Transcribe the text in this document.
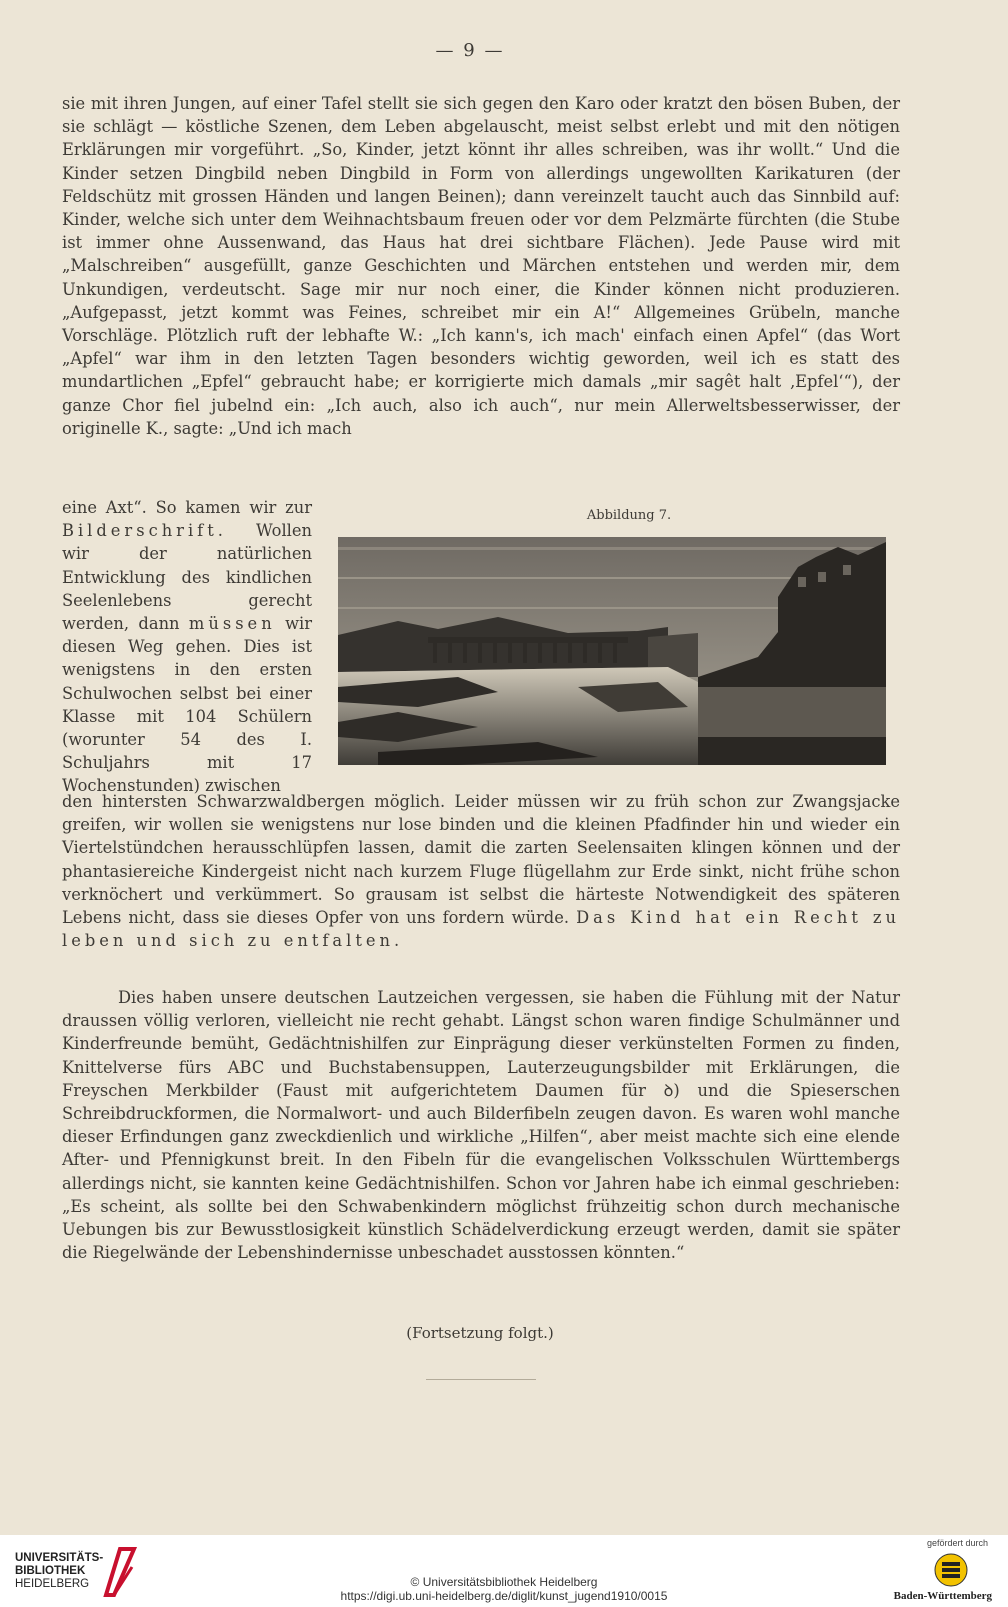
— 9 —

sie mit ihren Jungen, auf einer Tafel stellt sie sich gegen den Karo oder kratzt den bösen Buben, der sie schlägt — köstliche Szenen, dem Leben abgelauscht, meist selbst erlebt und mit den nötigen Erklärungen mir vorgeführt. „So, Kinder, jetzt könnt ihr alles schreiben, was ihr wollt.“ Und die Kinder setzen Dingbild neben Dingbild in Form von allerdings ungewollten Karikaturen (der Feldschütz mit grossen Händen und langen Beinen); dann vereinzelt taucht auch das Sinnbild auf: Kinder, welche sich unter dem Weihnachtsbaum freuen oder vor dem Pelzmärte fürchten (die Stube ist immer ohne Aussenwand, das Haus hat drei sichtbare Flächen). Jede Pause wird mit „Malschreiben“ ausgefüllt, ganze Geschichten und Märchen entstehen und werden mir, dem Unkundigen, verdeutscht. Sage mir nur noch einer, die Kinder können nicht produzieren. „Aufgepasst, jetzt kommt was Feines, schreibet mir ein A!“ Allgemeines Grübeln, manche Vorschläge. Plötzlich ruft der lebhafte W.: „Ich kann's, ich mach' einfach einen Apfel“ (das Wort „Apfel“ war ihm in den letzten Tagen besonders wichtig geworden, weil ich es statt des mundartlichen „Epfel“ gebraucht habe; er korrigierte mich damals „mir sagêt halt ‚Epfel‘“), der ganze Chor fiel jubelnd ein: „Ich auch, also ich auch“, nur mein Allerweltsbesserwisser, der originelle K., sagte: „Und ich mach

eine Axt“. So kamen wir zur Bilderschrift. Wollen wir der natürlichen Entwicklung des kindlichen Seelenlebens gerecht werden, dann müssen wir diesen Weg gehen. Dies ist wenigstens in den ersten Schulwochen selbst bei einer Klasse mit 104 Schülern (worunter 54 des I. Schuljahrs mit 17 Wochenstunden) zwischen

Abbildung 7.

den hintersten Schwarzwaldbergen möglich. Leider müssen wir zu früh schon zur Zwangsjacke greifen, wir wollen sie wenigstens nur lose binden und die kleinen Pfadfinder hin und wieder ein Viertelstündchen herausschlüpfen lassen, damit die zarten Seelensaiten klingen können und der phantasiereiche Kindergeist nicht nach kurzem Fluge flügellahm zur Erde sinkt, nicht frühe schon verknöchert und verkümmert. So grausam ist selbst die härteste Notwendigkeit des späteren Lebens nicht, dass sie dieses Opfer von uns fordern würde. Das Kind hat ein Recht zu leben und sich zu entfalten.

Dies haben unsere deutschen Lautzeichen vergessen, sie haben die Fühlung mit der Natur draussen völlig verloren, vielleicht nie recht gehabt. Längst schon waren findige Schulmänner und Kinderfreunde bemüht, Gedächtnishilfen zur Einprägung dieser verkünstelten Formen zu finden, Knittelverse fürs ABC und Buchstabensuppen, Lauterzeugungsbilder mit Erklärungen, die Freyschen Merkbilder (Faust mit aufgerichtetem Daumen für ꝺ) und die Spieserschen Schreibdruckformen, die Normalwort- und auch Bilderfibeln zeugen davon. Es waren wohl manche dieser Erfindungen ganz zweckdienlich und wirkliche „Hilfen“, aber meist machte sich eine elende After- und Pfennigkunst breit. In den Fibeln für die evangelischen Volksschulen Württembergs allerdings nicht, sie kannten keine Gedächtnishilfen. Schon vor Jahren habe ich einmal geschrieben: „Es scheint, als sollte bei den Schwabenkindern möglichst frühzeitig schon durch mechanische Uebungen bis zur Bewusstlosigkeit künstlich Schädelverdickung erzeugt werden, damit sie später die Riegelwände der Lebenshindernisse unbeschadet ausstossen könnten.“

(Fortsetzung folgt.)
UNIVERSITÄTS-
BIBLIOTHEK
HEIDELBERG	© Universitätsbibliothek Heidelberg
https://digi.ub.uni-heidelberg.de/diglit/kunst_jugend1910/0015
gefördert durch
Baden-Württemberg
